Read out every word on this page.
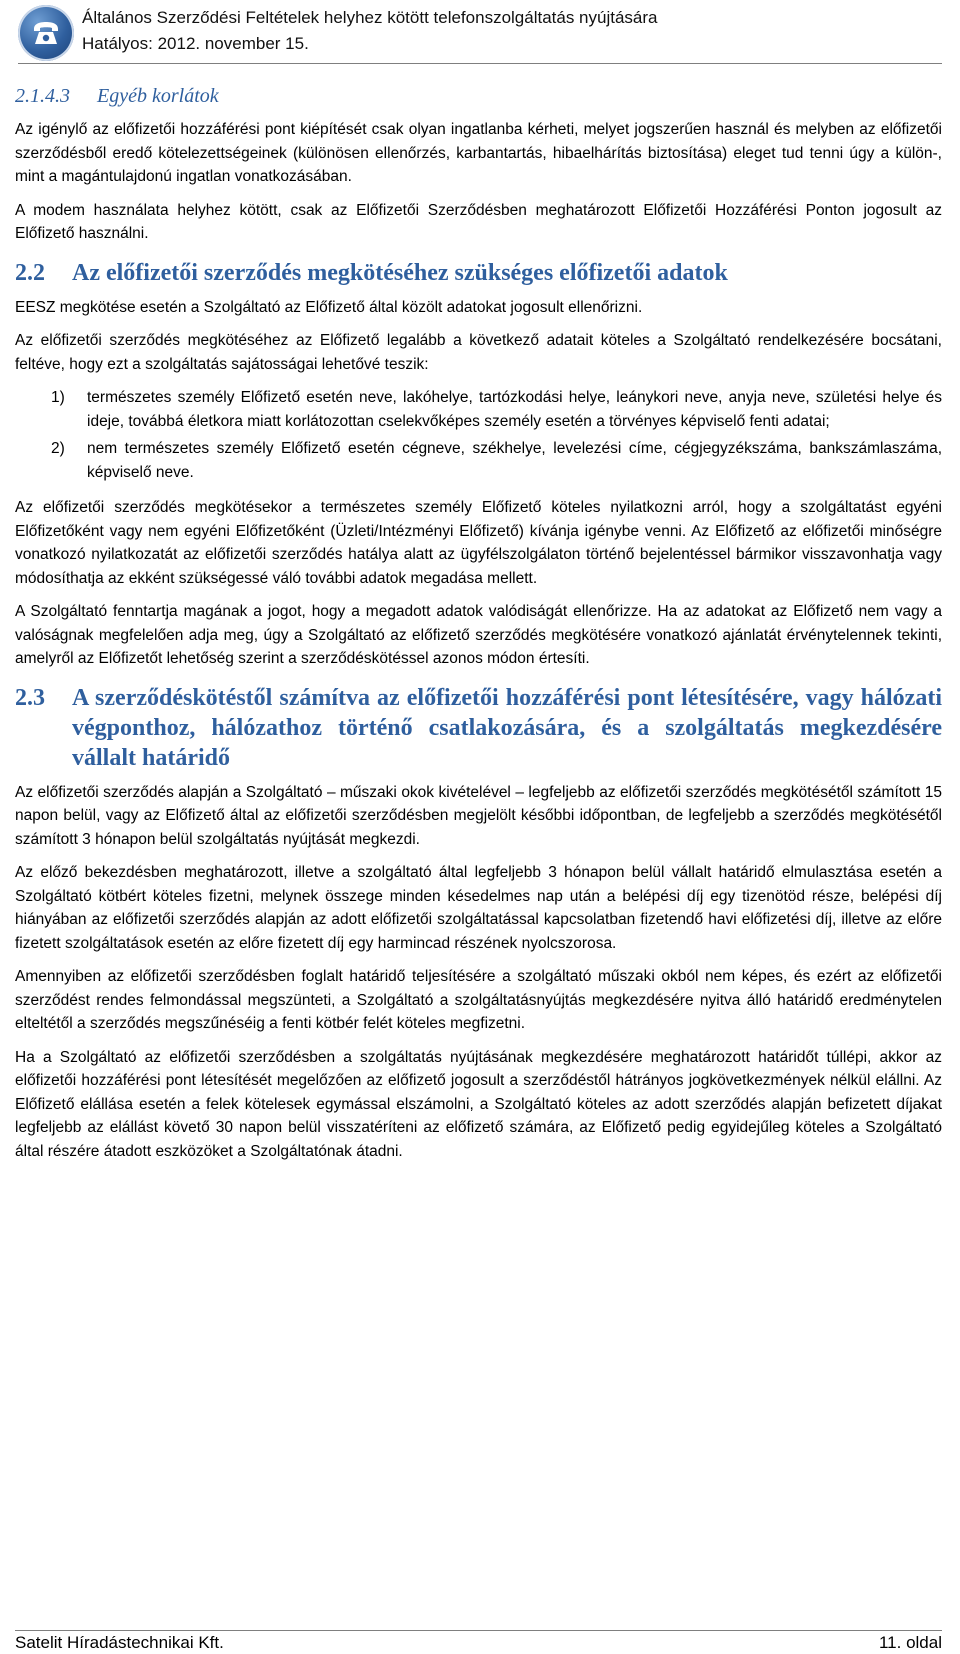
Általános Szerződési Feltételek helyhez kötött telefonszolgáltatás nyújtására
Hatályos: 2012. november 15.
2.1.4.3 Egyéb korlátok

Az igénylő az előfizetői hozzáférési pont kiépítését csak olyan ingatlanba kérheti, melyet jogszerűen használ és melyben az előfizetői szerződésből eredő kötelezettségeinek (különösen ellenőrzés, karbantartás, hibaelhárítás biztosítása) eleget tud tenni úgy a külön-, mint a magántulajdonú ingatlan vonatkozásában.

A modem használata helyhez kötött, csak az Előfizetői Szerződésben meghatározott Előfizetői Hozzáférési Ponton jogosult az Előfizető használni.

2.2	Az előfizetői szerződés megkötéséhez szükséges előfizetői adatok

EESZ megkötése esetén a Szolgáltató az Előfizető által közölt adatokat jogosult ellenőrizni.

Az előfizetői szerződés megkötéséhez az Előfizető legalább a következő adatait köteles a Szolgáltató rendelkezésére bocsátani, feltéve, hogy ezt a szolgáltatás sajátosságai lehetővé teszik:

1)	természetes személy Előfizető esetén neve, lakóhelye, tartózkodási helye, leánykori neve, anyja neve, születési helye és ideje, továbbá életkora miatt korlátozottan cselekvőképes személy esetén a törvényes képviselő fenti adatai;
2)	nem természetes személy Előfizető esetén cégneve, székhelye, levelezési címe, cégjegyzékszáma, bankszámlaszáma, képviselő neve.

Az előfizetői szerződés megkötésekor a természetes személy Előfizető köteles nyilatkozni arról, hogy a szolgáltatást egyéni Előfizetőként vagy nem egyéni Előfizetőként (Üzleti/Intézményi Előfizető) kívánja igénybe venni. Az Előfizető az előfizetői minőségre vonatkozó nyilatkozatát az előfizetői szerződés hatálya alatt az ügyfélszolgálaton történő bejelentéssel bármikor visszavonhatja vagy módosíthatja az ekként szükségessé váló további adatok megadása mellett.

A Szolgáltató fenntartja magának a jogot, hogy a megadott adatok valódiságát ellenőrizze. Ha az adatokat az Előfizető nem vagy a valóságnak megfelelően adja meg, úgy a Szolgáltató az előfizető szerződés megkötésére vonatkozó ajánlatát érvénytelennek tekinti, amelyről az Előfizetőt lehetőség szerint a szerződéskötéssel azonos módon értesíti.

2.3	A szerződéskötéstől számítva az előfizetői hozzáférési pont létesítésére, vagy hálózati végponthoz, hálózathoz történő csatlakozására, és a szolgáltatás megkezdésére vállalt határidő

Az előfizetői szerződés alapján a Szolgáltató – műszaki okok kivételével – legfeljebb az előfizetői szerződés megkötésétől számított 15 napon belül, vagy az Előfizető által az előfizetői szerződésben megjelölt későbbi időpontban, de legfeljebb a szerződés megkötésétől számított 3 hónapon belül szolgáltatás nyújtását megkezdi.

Az előző bekezdésben meghatározott, illetve a szolgáltató által legfeljebb 3 hónapon belül vállalt határidő elmulasztása esetén a Szolgáltató kötbért köteles fizetni, melynek összege minden késedelmes nap után a belépési díj egy tizenötöd része, belépési díj hiányában az előfizetői szerződés alapján az adott előfizetői szolgáltatással kapcsolatban fizetendő havi előfizetési díj, illetve az előre fizetett szolgáltatások esetén az előre fizetett díj egy harmincad részének nyolcszorosa.

Amennyiben az előfizetői szerződésben foglalt határidő teljesítésére a szolgáltató műszaki okból nem képes, és ezért az előfizetői szerződést rendes felmondással megszünteti, a Szolgáltató a szolgáltatásnyújtás megkezdésére nyitva álló határidő eredménytelen elteltétől a szerződés megszűnéséig a fenti kötbér felét köteles megfizetni.

Ha a Szolgáltató az előfizetői szerződésben a szolgáltatás nyújtásának megkezdésére meghatározott határidőt túllépi, akkor az előfizetői hozzáférési pont létesítését megelőzően az előfizető jogosult a szerződéstől hátrányos jogkövetkezmények nélkül elállni. Az Előfizető elállása esetén a felek kötelesek egymással elszámolni, a Szolgáltató köteles az adott szerződés alapján befizetett díjakat legfeljebb az elállást követő 30 napon belül visszatéríteni az előfizető számára, az Előfizető pedig egyidejűleg köteles a Szolgáltató által részére átadott eszközöket a Szolgáltatónak átadni.

Satelit Híradástechnikai Kft.	11. oldal
